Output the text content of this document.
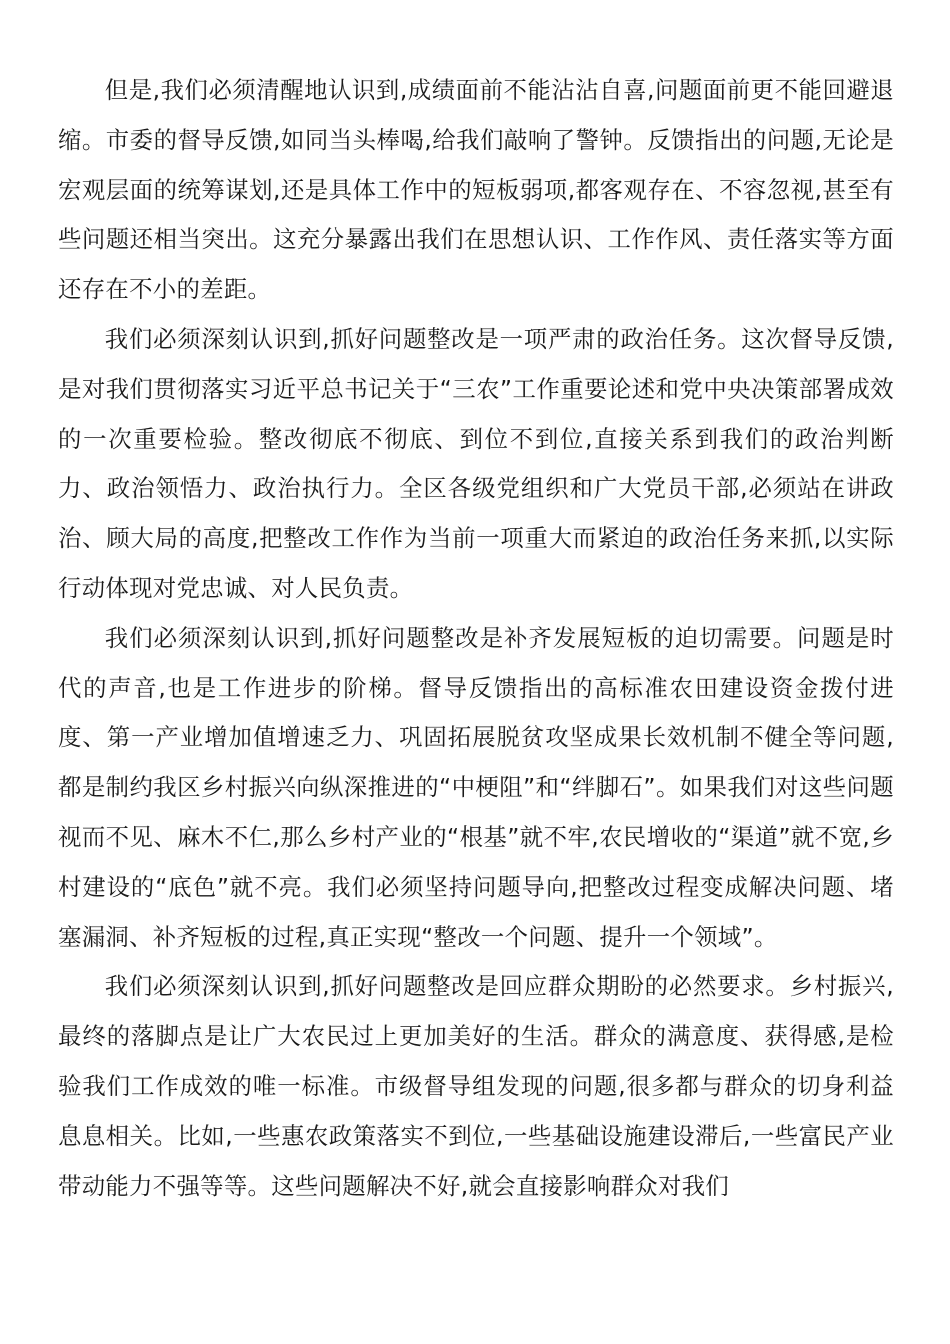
但是,我们必须清醒地认识到,成绩面前不能沾沾自喜,问题面前更不能回避退缩。市委的督导反馈,如同当头棒喝,给我们敲响了警钟。反馈指出的问题,无论是宏观层面的统筹谋划,还是具体工作中的短板弱项,都客观存在、不容忽视,甚至有些问题还相当突出。这充分暴露出我们在思想认识、工作作风、责任落实等方面还存在不小的差距。

我们必须深刻认识到,抓好问题整改是一项严肃的政治任务。这次督导反馈,是对我们贯彻落实习近平总书记关于“三农”工作重要论述和党中央决策部署成效的一次重要检验。整改彻底不彻底、到位不到位,直接关系到我们的政治判断力、政治领悟力、政治执行力。全区各级党组织和广大党员干部,必须站在讲政治、顾大局的高度,把整改工作作为当前一项重大而紧迫的政治任务来抓,以实际行动体现对党忠诚、对人民负责。

我们必须深刻认识到,抓好问题整改是补齐发展短板的迫切需要。问题是时代的声音,也是工作进步的阶梯。督导反馈指出的高标准农田建设资金拨付进度、第一产业增加值增速乏力、巩固拓展脱贫攻坚成果长效机制不健全等问题,都是制约我区乡村振兴向纵深推进的“中梗阻”和“绊脚石”。如果我们对这些问题视而不见、麻木不仁,那么乡村产业的“根基”就不牢,农民增收的“渠道”就不宽,乡村建设的“底色”就不亮。我们必须坚持问题导向,把整改过程变成解决问题、堵塞漏洞、补齐短板的过程,真正实现“整改一个问题、提升一个领域”。

我们必须深刻认识到,抓好问题整改是回应群众期盼的必然要求。乡村振兴,最终的落脚点是让广大农民过上更加美好的生活。群众的满意度、获得感,是检验我们工作成效的唯一标准。市级督导组发现的问题,很多都与群众的切身利益息息相关。比如,一些惠农政策落实不到位,一些基础设施建设滞后,一些富民产业带动能力不强等等。这些问题解决不好,就会直接影响群众对我们
